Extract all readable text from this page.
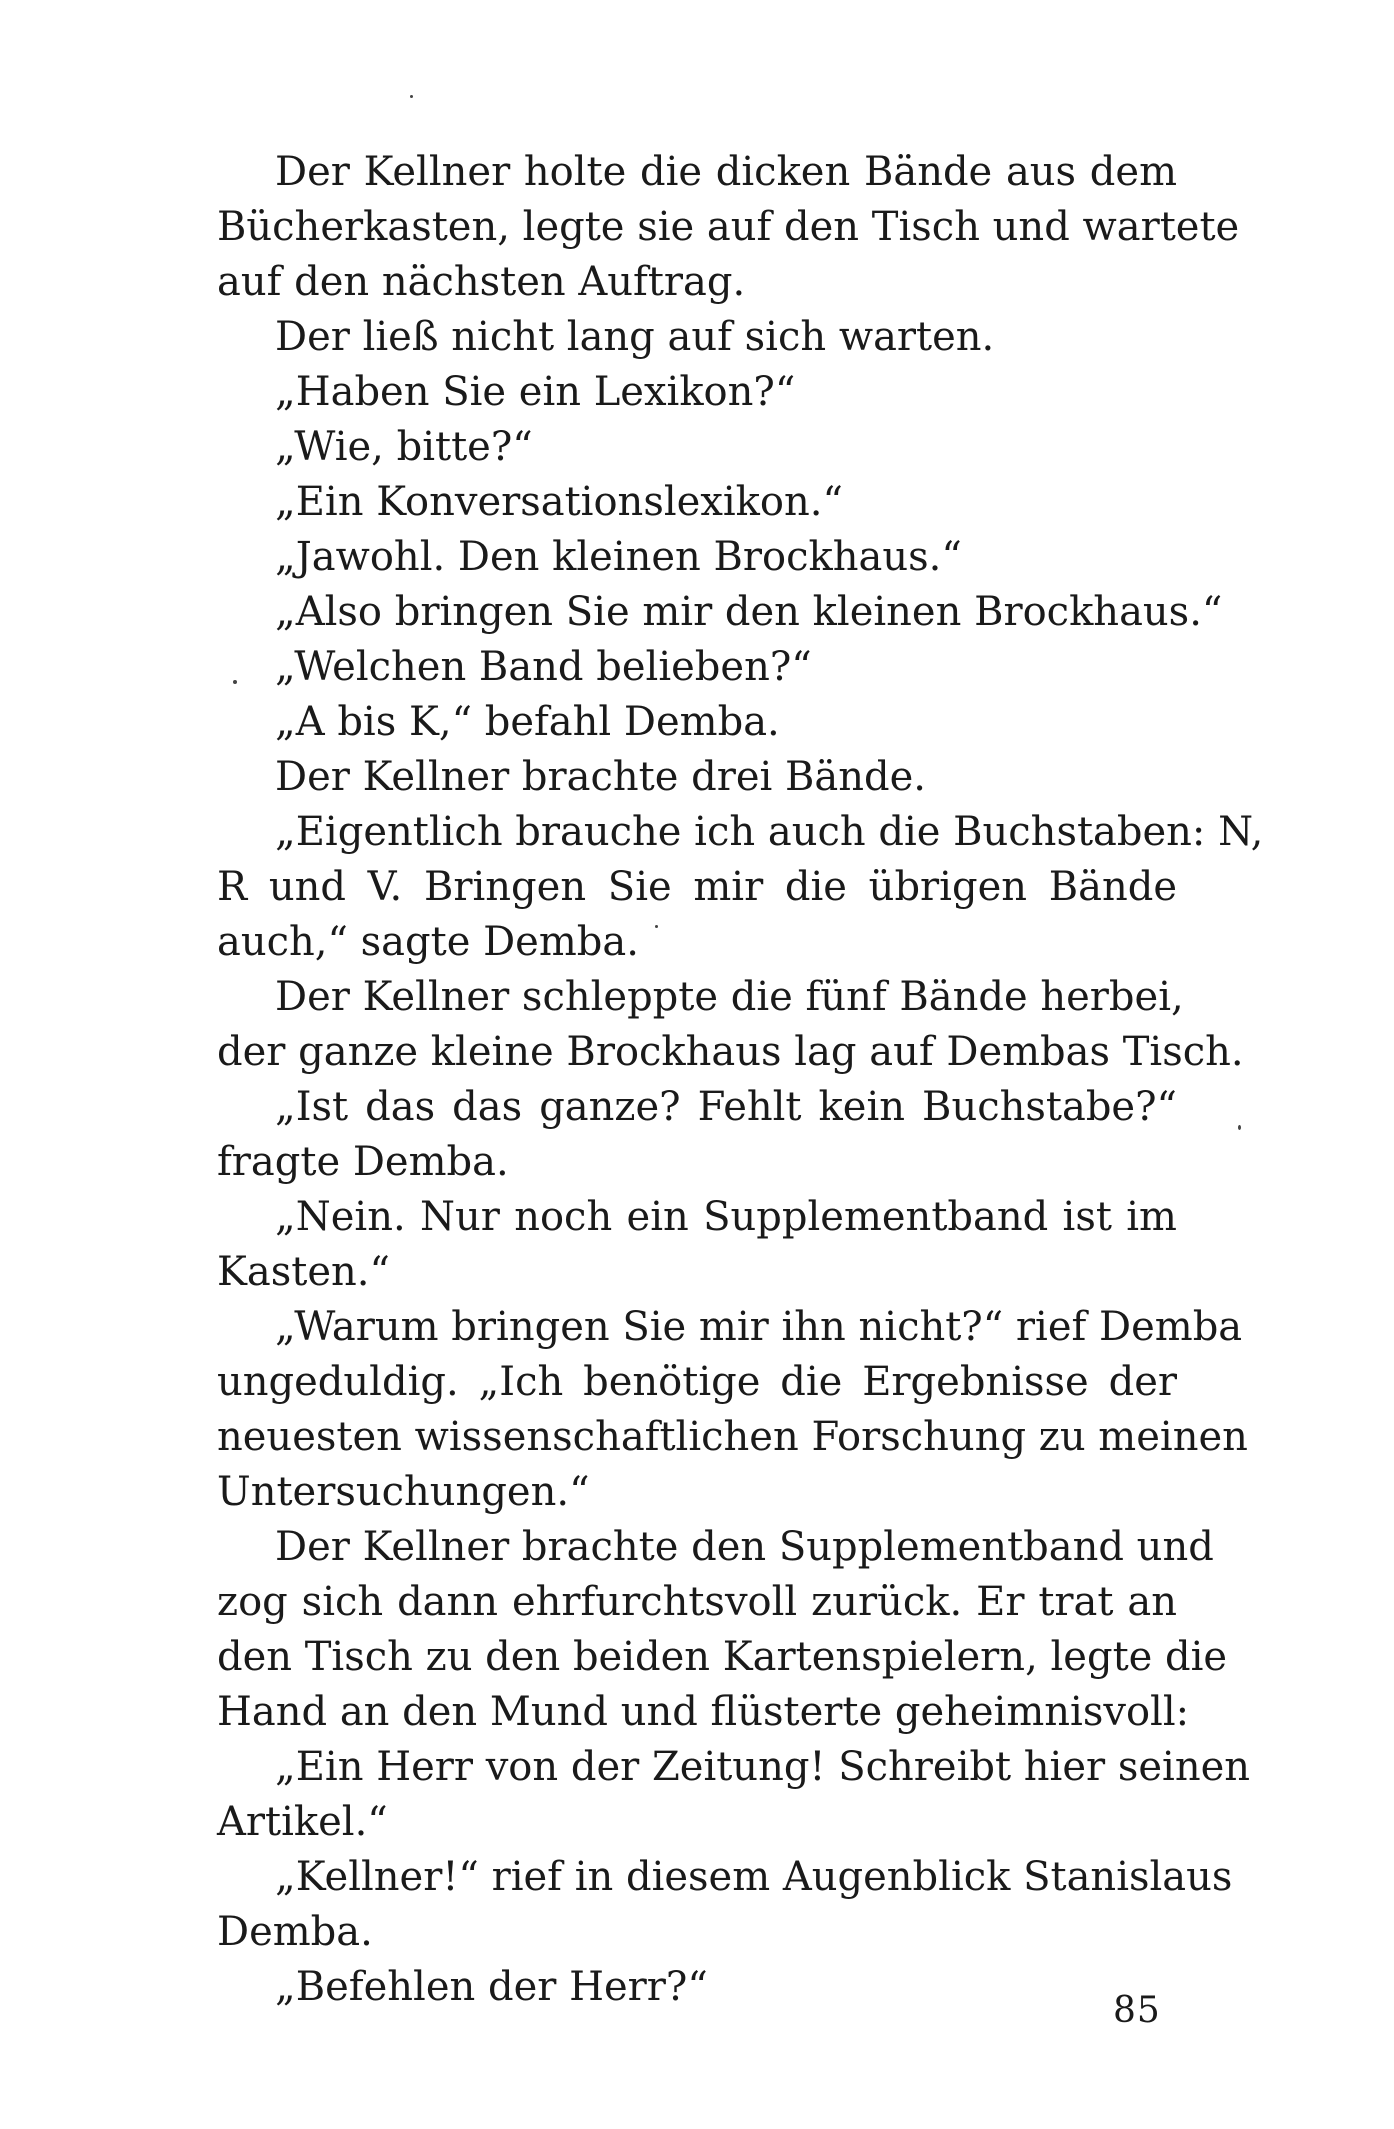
Der Kellner holte die dicken Bände aus dem
Bücherkasten, legte sie auf den Tisch und wartete
auf den nächsten Auftrag.
Der ließ nicht lang auf sich warten.
„Haben Sie ein Lexikon?“
„Wie, bitte?“
„Ein Konversationslexikon.“
„Jawohl. Den kleinen Brockhaus.“
„Also bringen Sie mir den kleinen Brockhaus.“
„Welchen Band belieben?“
„A bis K,“ befahl Demba.
Der Kellner brachte drei Bände.
„Eigentlich brauche ich auch die Buchstaben: N,
R und V. Bringen Sie mir die übrigen Bände
auch,“ sagte Demba.
Der Kellner schleppte die fünf Bände herbei,
der ganze kleine Brockhaus lag auf Dembas Tisch.
„Ist das das ganze? Fehlt kein Buchstabe?“
fragte Demba.
„Nein. Nur noch ein Supplementband ist im
Kasten.“
„Warum bringen Sie mir ihn nicht?“ rief Demba
ungeduldig. „Ich benötige die Ergebnisse der
neuesten wissenschaftlichen Forschung zu meinen
Untersuchungen.“
Der Kellner brachte den Supplementband und
zog sich dann ehrfurchtsvoll zurück. Er trat an
den Tisch zu den beiden Kartenspielern, legte die
Hand an den Mund und flüsterte geheimnisvoll:
„Ein Herr von der Zeitung! Schreibt hier seinen
Artikel.“
„Kellner!“ rief in diesem Augenblick Stanislaus
Demba.
„Befehlen der Herr?“
85
